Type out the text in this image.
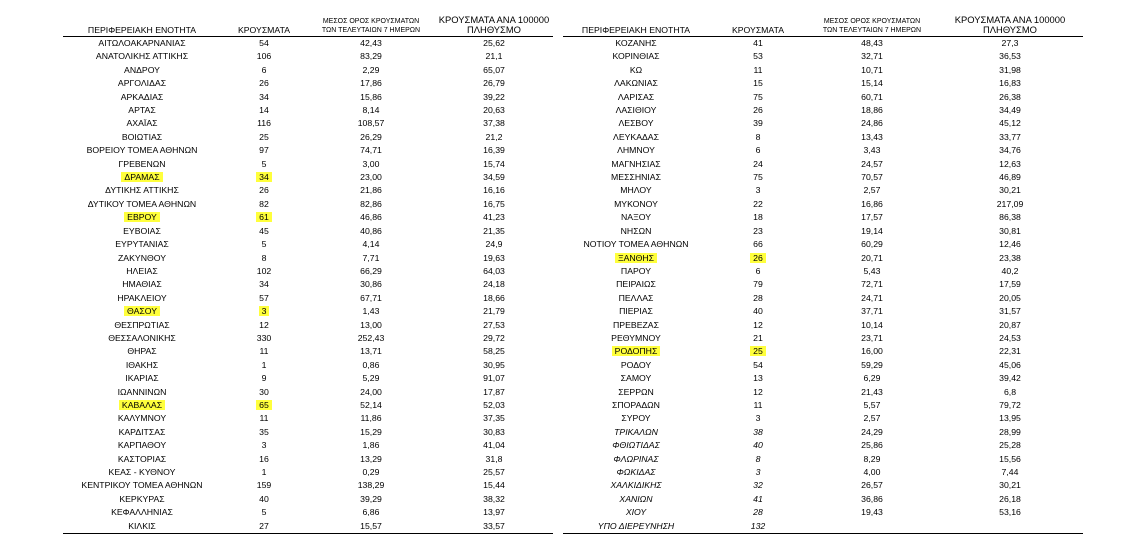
ΠΕΡΙΦΕΡΕΙΑΚΗ ΕΝΟΤΗΤΑ	ΚΡΟΥΣΜΑΤΑ	ΜΕΣΟΣ ΟΡΟΣ ΚΡΟΥΣΜΑΤΩΝ
ΤΩΝ ΤΕΛΕΥΤΑΙΩΝ 7 ΗΜΕΡΩΝ	ΚΡΟΥΣΜΑΤΑ ΑΝΑ 100000
ΠΛΗΘΥΣΜΟ
ΑΙΤΩΛΟΑΚΑΡΝΑΝΙΑΣ	54	42,43	25,62
ΑΝΑΤΟΛΙΚΗΣ ΑΤΤΙΚΗΣ	106	83,29	21,1
ΑΝΔΡΟΥ	6	2,29	65,07
ΑΡΓΟΛΙΔΑΣ	26	17,86	26,79
ΑΡΚΑΔΙΑΣ	34	15,86	39,22
ΑΡΤΑΣ	14	8,14	20,63
ΑΧΑΪΑΣ	116	108,57	37,38
ΒΟΙΩΤΙΑΣ	25	26,29	21,2
ΒΟΡΕΙΟΥ ΤΟΜΕΑ ΑΘΗΝΩΝ	97	74,71	16,39
ΓΡΕΒΕΝΩΝ	5	3,00	15,74
ΔΡΑΜΑΣ	34	23,00	34,59
ΔΥΤΙΚΗΣ ΑΤΤΙΚΗΣ	26	21,86	16,16
ΔΥΤΙΚΟΥ ΤΟΜΕΑ ΑΘΗΝΩΝ	82	82,86	16,75
ΕΒΡΟΥ	61	46,86	41,23
ΕΥΒΟΙΑΣ	45	40,86	21,35
ΕΥΡΥΤΑΝΙΑΣ	5	4,14	24,9
ΖΑΚΥΝΘΟΥ	8	7,71	19,63
ΗΛΕΙΑΣ	102	66,29	64,03
ΗΜΑΘΙΑΣ	34	30,86	24,18
ΗΡΑΚΛΕΙΟΥ	57	67,71	18,66
ΘΑΣΟΥ	3	1,43	21,79
ΘΕΣΠΡΩΤΙΑΣ	12	13,00	27,53
ΘΕΣΣΑΛΟΝΙΚΗΣ	330	252,43	29,72
ΘΗΡΑΣ	11	13,71	58,25
ΙΘΑΚΗΣ	1	0,86	30,95
ΙΚΑΡΙΑΣ	9	5,29	91,07
ΙΩΑΝΝΙΝΩΝ	30	24,00	17,87
ΚΑΒΑΛΑΣ	65	52,14	52,03
ΚΑΛΥΜΝΟΥ	11	11,86	37,35
ΚΑΡΔΙΤΣΑΣ	35	15,29	30,83
ΚΑΡΠΑΘΟΥ	3	1,86	41,04
ΚΑΣΤΟΡΙΑΣ	16	13,29	31,8
ΚΕΑΣ - ΚΥΘΝΟΥ	1	0,29	25,57
ΚΕΝΤΡΙΚΟΥ ΤΟΜΕΑ ΑΘΗΝΩΝ	159	138,29	15,44
ΚΕΡΚΥΡΑΣ	40	39,29	38,32
ΚΕΦΑΛΛΗΝΙΑΣ	5	6,86	13,97
ΚΙΛΚΙΣ	27	15,57	33,57
ΠΕΡΙΦΕΡΕΙΑΚΗ ΕΝΟΤΗΤΑ	ΚΡΟΥΣΜΑΤΑ	ΜΕΣΟΣ ΟΡΟΣ ΚΡΟΥΣΜΑΤΩΝ
ΤΩΝ ΤΕΛΕΥΤΑΙΩΝ 7 ΗΜΕΡΩΝ	ΚΡΟΥΣΜΑΤΑ ΑΝΑ 100000
ΠΛΗΘΥΣΜΟ
ΚΟΖΑΝΗΣ	41	48,43	27,3
ΚΟΡΙΝΘΙΑΣ	53	32,71	36,53
ΚΩ	11	10,71	31,98
ΛΑΚΩΝΙΑΣ	15	15,14	16,83
ΛΑΡΙΣΑΣ	75	60,71	26,38
ΛΑΣΙΘΙΟΥ	26	18,86	34,49
ΛΕΣΒΟΥ	39	24,86	45,12
ΛΕΥΚΑΔΑΣ	8	13,43	33,77
ΛΗΜΝΟΥ	6	3,43	34,76
ΜΑΓΝΗΣΙΑΣ	24	24,57	12,63
ΜΕΣΣΗΝΙΑΣ	75	70,57	46,89
ΜΗΛΟΥ	3	2,57	30,21
ΜΥΚΟΝΟΥ	22	16,86	217,09
ΝΑΞΟΥ	18	17,57	86,38
ΝΗΣΩΝ	23	19,14	30,81
ΝΟΤΙΟΥ ΤΟΜΕΑ ΑΘΗΝΩΝ	66	60,29	12,46
ΞΑΝΘΗΣ	26	20,71	23,38
ΠΑΡΟΥ	6	5,43	40,2
ΠΕΙΡΑΙΩΣ	79	72,71	17,59
ΠΕΛΛΑΣ	28	24,71	20,05
ΠΙΕΡΙΑΣ	40	37,71	31,57
ΠΡΕΒΕΖΑΣ	12	10,14	20,87
ΡΕΘΥΜΝΟΥ	21	23,71	24,53
ΡΟΔΟΠΗΣ	25	16,00	22,31
ΡΟΔΟΥ	54	59,29	45,06
ΣΑΜΟΥ	13	6,29	39,42
ΣΕΡΡΩΝ	12	21,43	6,8
ΣΠΟΡΑΔΩΝ	11	5,57	79,72
ΣΥΡΟΥ	3	2,57	13,95
ΤΡΙΚΑΛΩΝ	38	24,29	28,99
ΦΘΙΩΤΙΔΑΣ	40	25,86	25,28
ΦΛΩΡΙΝΑΣ	8	8,29	15,56
ΦΩΚΙΔΑΣ	3	4,00	7,44
ΧΑΛΚΙΔΙΚΗΣ	32	26,57	30,21
ΧΑΝΙΩΝ	41	36,86	26,18
ΧΙΟΥ	28	19,43	53,16
ΥΠΟ ΔΙΕΡΕΥΝΗΣΗ	132		
